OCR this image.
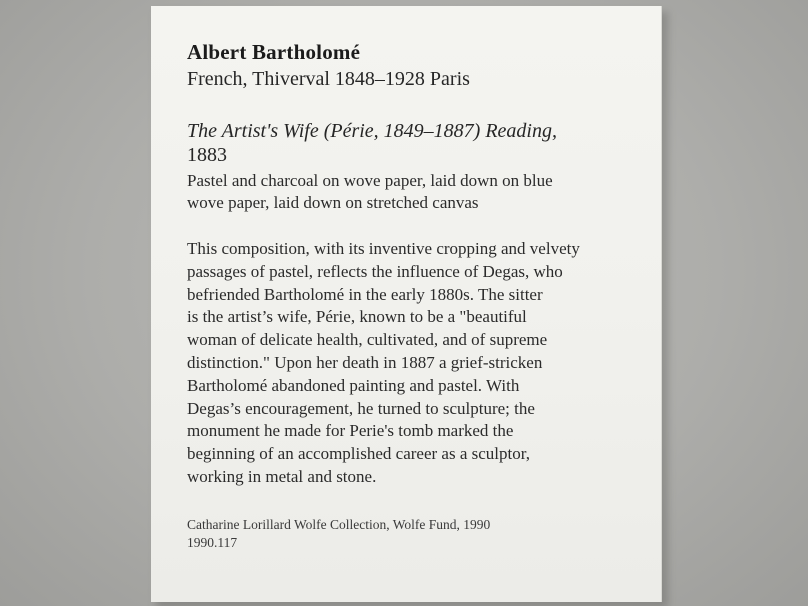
Albert Bartholomé
French, Thiverval 1848–1928 Paris
The Artist's Wife (Périe, 1849–1887) Reading,
1883
Pastel and charcoal on wove paper, laid down on blue
wove paper, laid down on stretched canvas
This composition, with its inventive cropping and velvety
passages of pastel, reflects the influence of Degas, who
befriended Bartholomé in the early 1880s. The sitter
is the artist’s wife, Périe, known to be a "beautiful
woman of delicate health, cultivated, and of supreme
distinction." Upon her death in 1887 a grief-stricken
Bartholomé abandoned painting and pastel. With
Degas’s encouragement, he turned to sculpture; the
monument he made for Perie's tomb marked the
beginning of an accomplished career as a sculptor,
working in metal and stone.
Catharine Lorillard Wolfe Collection, Wolfe Fund, 1990
1990.117
